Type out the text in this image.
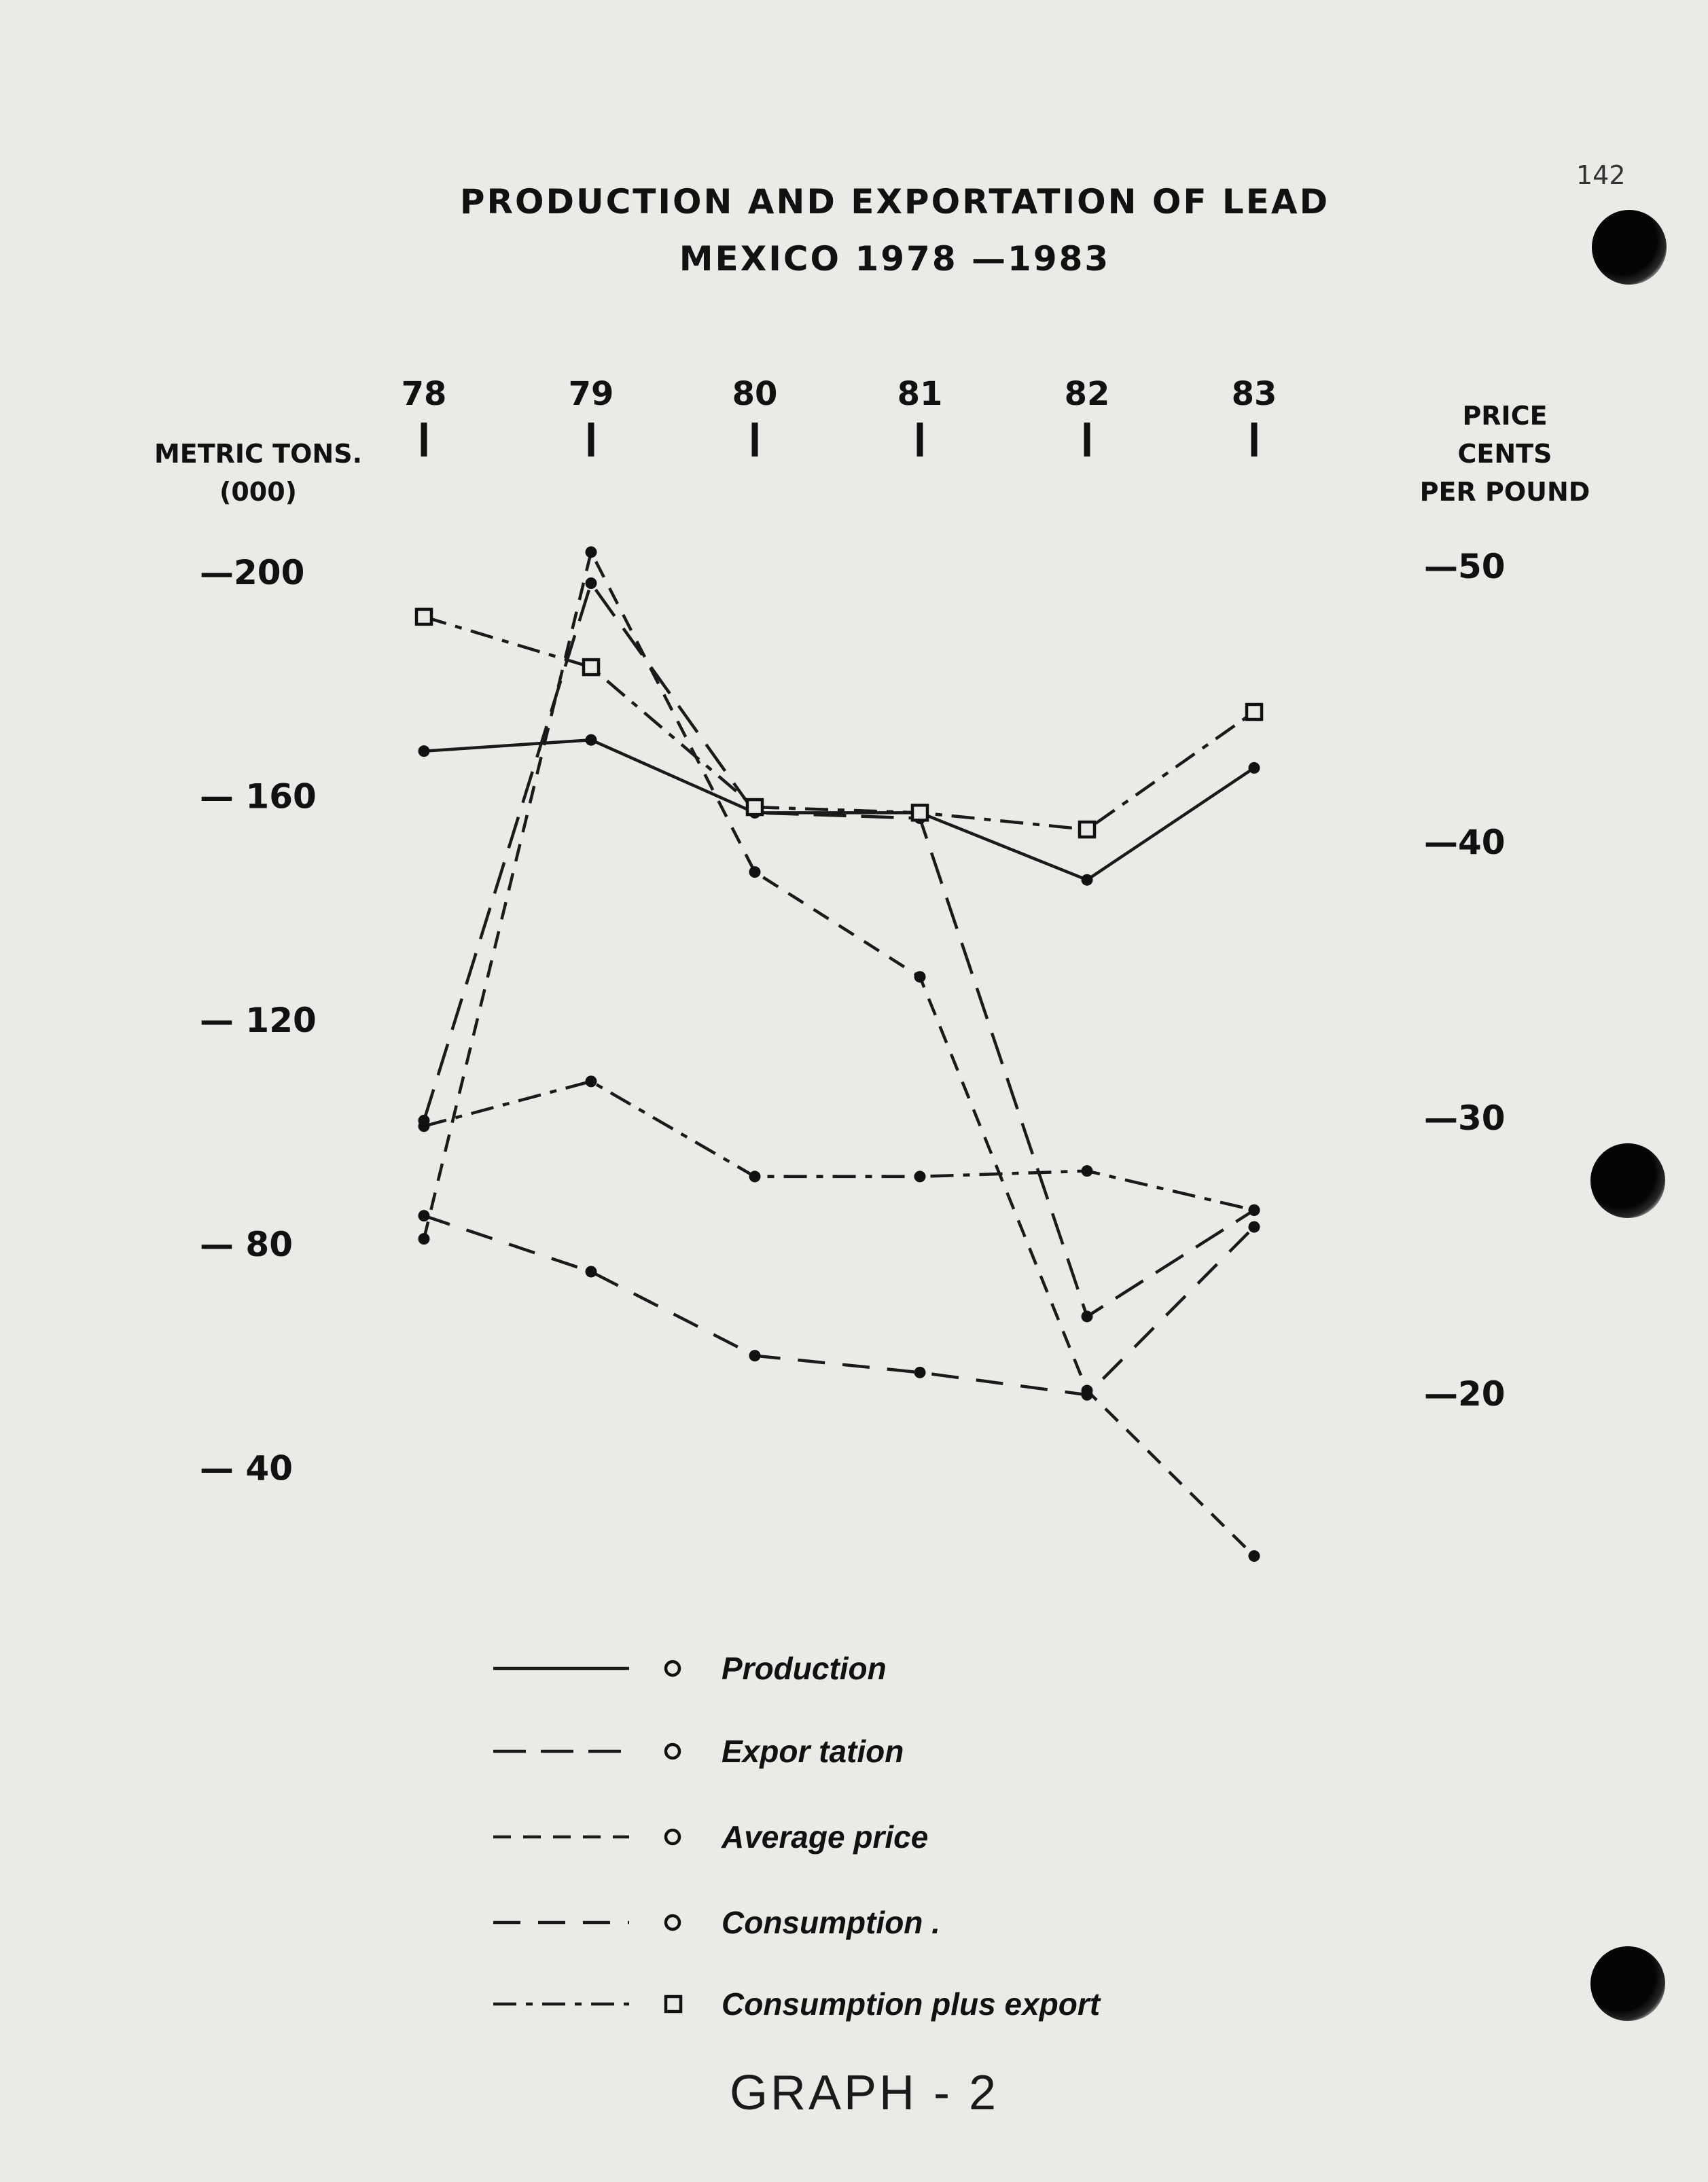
142
PRODUCTION AND EXPORTATION OF LEAD
MEXICO 1978 —1983
METRIC TONS.
(000)
PRICE
CENTS
PER POUND
78	79	80	81	82	83
—200
— 160
— 120
— 80
— 40
—50
—40
—30
—20
Production
Expor tation
Average price
Consumption .
Consumption plus export
GRAPH - 2
